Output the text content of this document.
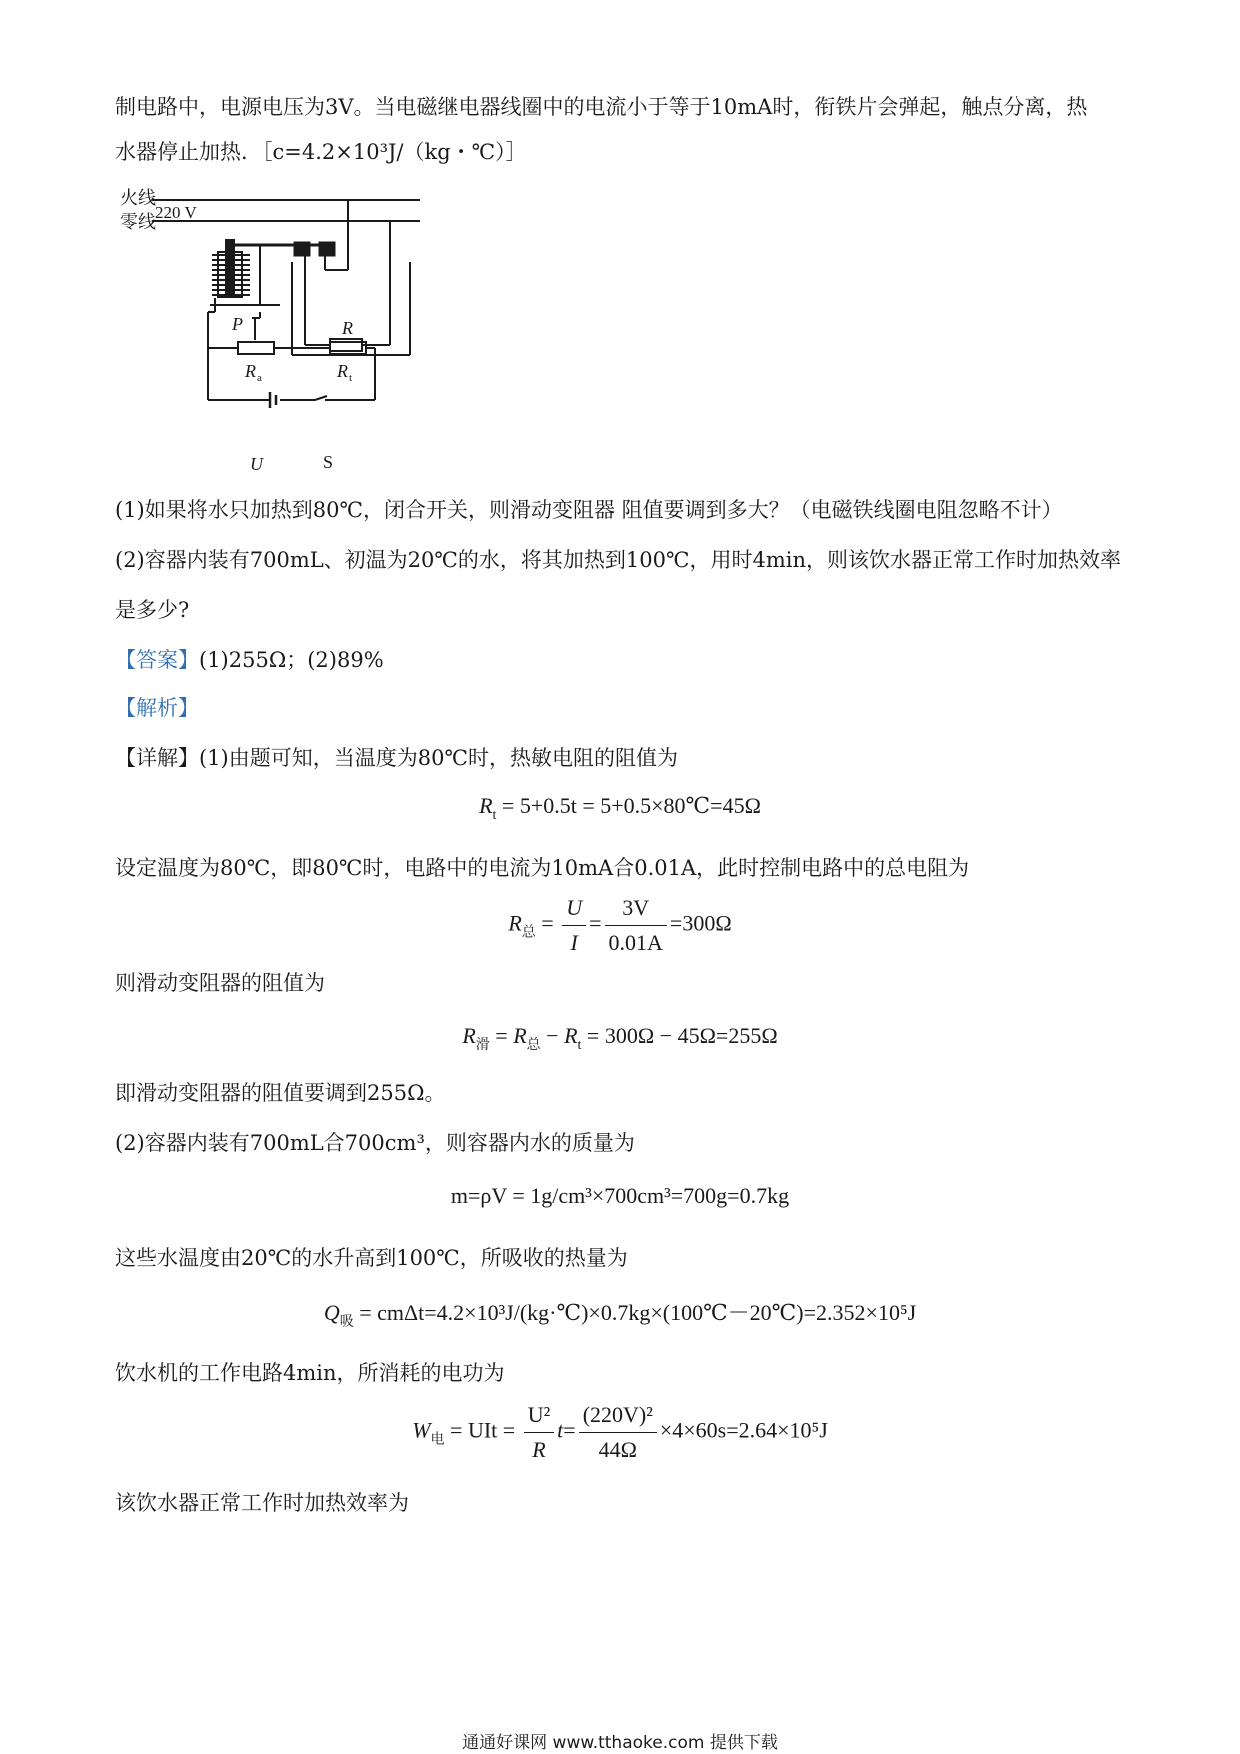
制电路中，电源电压为3V。当电磁继电器线圈中的电流小于等于10mA时，衔铁片会弹起，触点分离，热
水器停止加热．［c=4.2×10³J/（kg・℃）］
火线
零线 220 V
R
P
R a	R t
U	S
(1)如果将水只加热到80℃，闭合开关，则滑动变阻器 阻值要调到多大？（电磁铁线圈电阻忽略不计）
(2)容器内装有700mL、初温为20℃的水，将其加热到100℃，用时4min，则该饮水器正常工作时加热效率
是多少?
【答案】(1)255Ω；(2)89%
【解析】
【详解】(1)由题可知，当温度为80℃时，热敏电阻的阻值为
$R_t = 5+0.5t$ = 5+0.5×80℃=45Ω
设定温度为80℃，即80℃时，电路中的电流为10mA合0.01A，此时控制电路中的总电阻为
$R_总 = \frac{U}{I} = \frac{3V}{0.01A} =300\Omega$
则滑动变阻器的阻值为
$R_滑 = R_总 - R_t = 300\Omega - 45\Omega=255\Omega$
即滑动变阻器的阻值要调到255Ω。
(2)容器内装有700mL合700cm³，则容器内水的质量为
m=ρV = 1g/cm³×700cm³=700g=0.7kg
这些水温度由20℃的水升高到100℃，所吸收的热量为
$Q_吸$ = cmΔt=4.2×10³J/(kg·℃)×0.7kg×(100℃－20℃)=2.352×10⁵J
饮水机的工作电路4min，所消耗的电功为
$W_电$ = UIt = $\frac{\text{U²}}{R} t= \frac{\text{(220V)²}}{44\Omega} \times 4\times 60s=2.64\times 10^5J$
该饮水器正常工作时加热效率为
通通好课网 www.tthaoke.com 提供下载
